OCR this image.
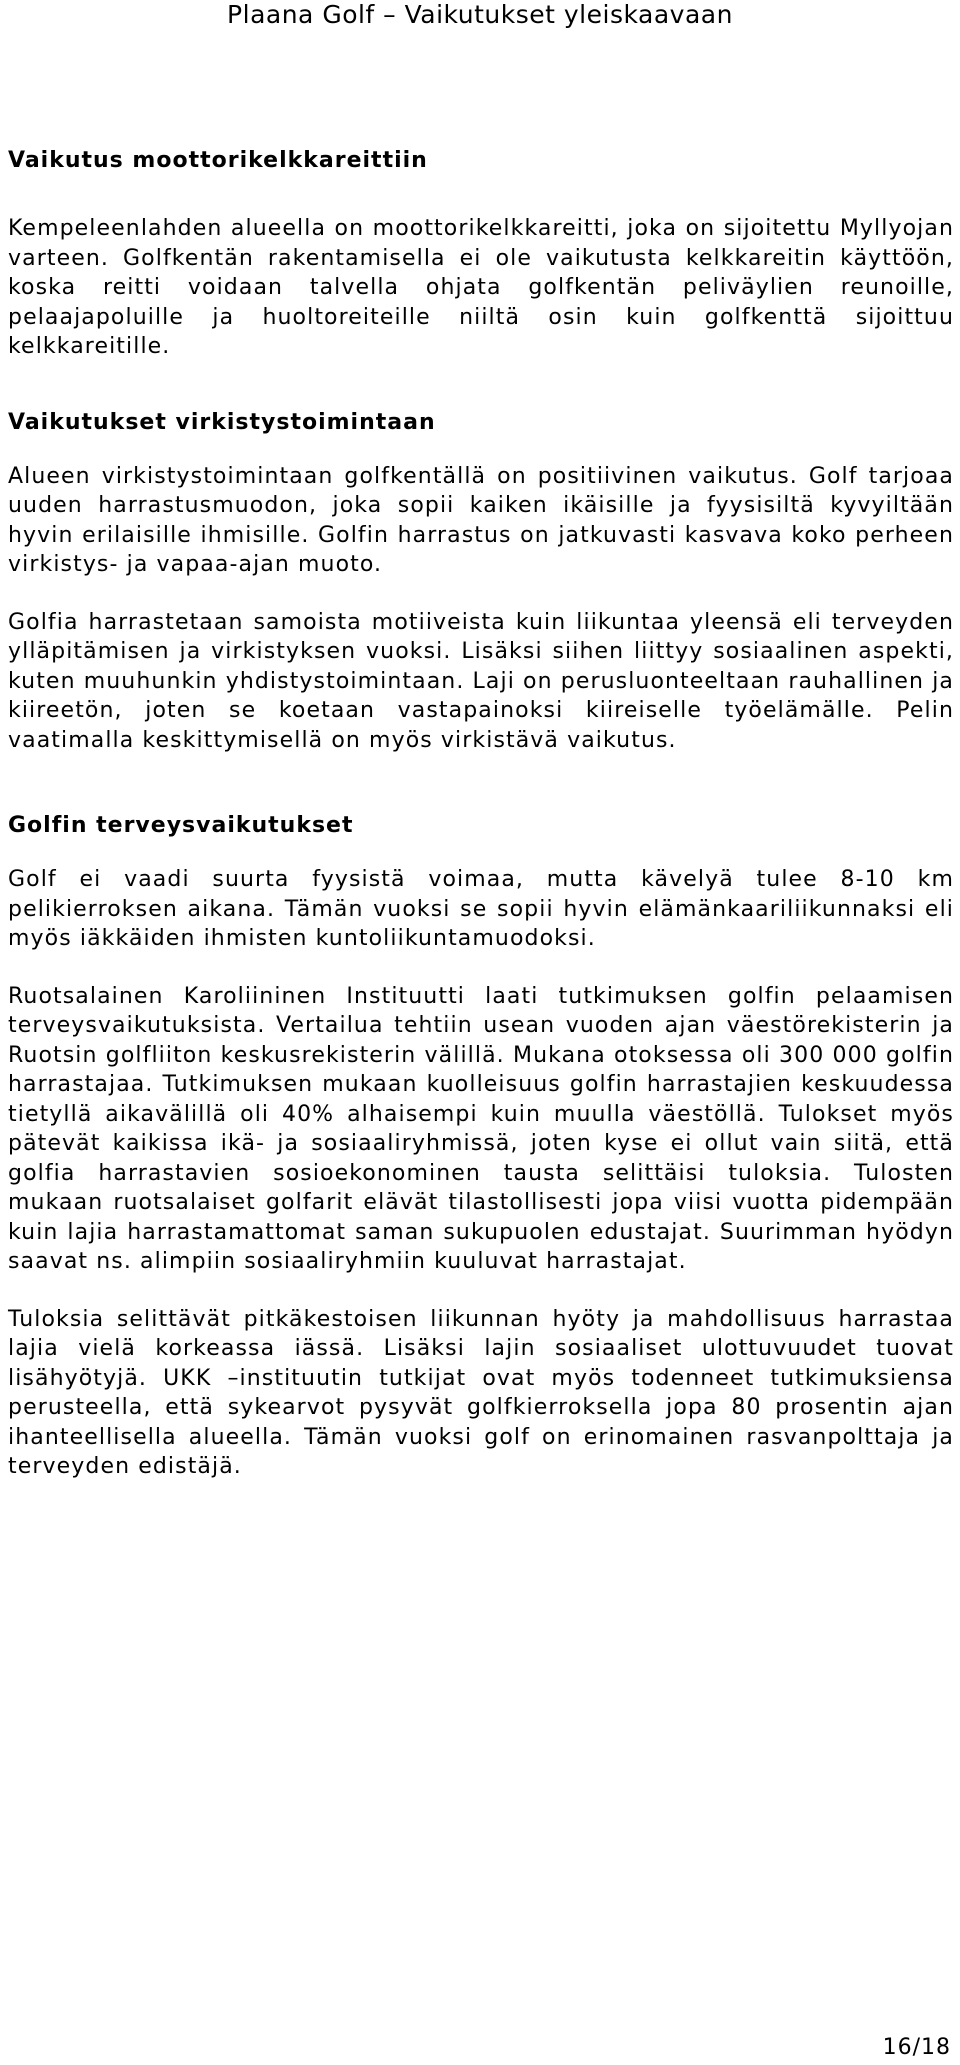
Plaana Golf – Vaikutukset yleiskaavaan
Vaikutus moottorikelkkareittiin

Kempeleenlahden alueella on moottorikelkkareitti, joka on sijoitettu Myllyojan varteen. Golfkentän rakentamisella ei ole vaikutusta kelkkareitin käyttöön, koska reitti voidaan talvella ohjata golfkentän peliväylien reunoille, pelaajapoluille ja huoltoreiteille niiltä osin kuin golfkenttä sijoittuu kelkkareitille.

Vaikutukset virkistystoimintaan

Alueen virkistystoimintaan golfkentällä on positiivinen vaikutus. Golf tarjoaa uuden harrastusmuodon, joka sopii kaiken ikäisille ja fyysisiltä kyvyiltään hyvin erilaisille ihmisille. Golfin harrastus on jatkuvasti kasvava koko perheen virkistys- ja vapaa-ajan muoto.

Golfia harrastetaan samoista motiiveista kuin liikuntaa yleensä eli terveyden ylläpitämisen ja virkistyksen vuoksi. Lisäksi siihen liittyy sosiaalinen aspekti, kuten muuhunkin yhdistystoimintaan. Laji on perusluonteeltaan rauhallinen ja kiireetön, joten se koetaan vastapainoksi kiireiselle työelämälle. Pelin vaatimalla keskittymisellä on myös virkistävä vaikutus.

Golfin terveysvaikutukset

Golf ei vaadi suurta fyysistä voimaa, mutta kävelyä tulee 8-10 km pelikierroksen aikana. Tämän vuoksi se sopii hyvin elämänkaariliikunnaksi eli myös iäkkäiden ihmisten kuntoliikuntamuodoksi.

Ruotsalainen Karoliininen Instituutti laati tutkimuksen golfin pelaamisen terveysvaikutuksista. Vertailua tehtiin usean vuoden ajan väestörekisterin ja Ruotsin golfliiton keskusrekisterin välillä. Mukana otoksessa oli 300 000 golfin harrastajaa. Tutkimuksen mukaan kuolleisuus golfin harrastajien keskuudessa tietyllä aikavälillä oli 40% alhaisempi kuin muulla väestöllä. Tulokset myös pätevät kaikissa ikä- ja sosiaaliryhmissä, joten kyse ei ollut vain siitä, että golfia harrastavien sosioekonominen tausta selittäisi tuloksia. Tulosten mukaan ruotsalaiset golfarit elävät tilastollisesti jopa viisi vuotta pidempään kuin lajia harrastamattomat saman sukupuolen edustajat. Suurimman hyödyn saavat ns. alimpiin sosiaaliryhmiin kuuluvat harrastajat.

Tuloksia selittävät pitkäkestoisen liikunnan hyöty ja mahdollisuus harrastaa lajia vielä korkeassa iässä. Lisäksi lajin sosiaaliset ulottuvuudet tuovat lisähyötyjä. UKK –instituutin tutkijat ovat myös todenneet tutkimuksiensa perusteella, että sykearvot pysyvät golfkierroksella jopa 80 prosentin ajan ihanteellisella alueella. Tämän vuoksi golf on erinomainen rasvanpolttaja ja terveyden edistäjä.

16/18
